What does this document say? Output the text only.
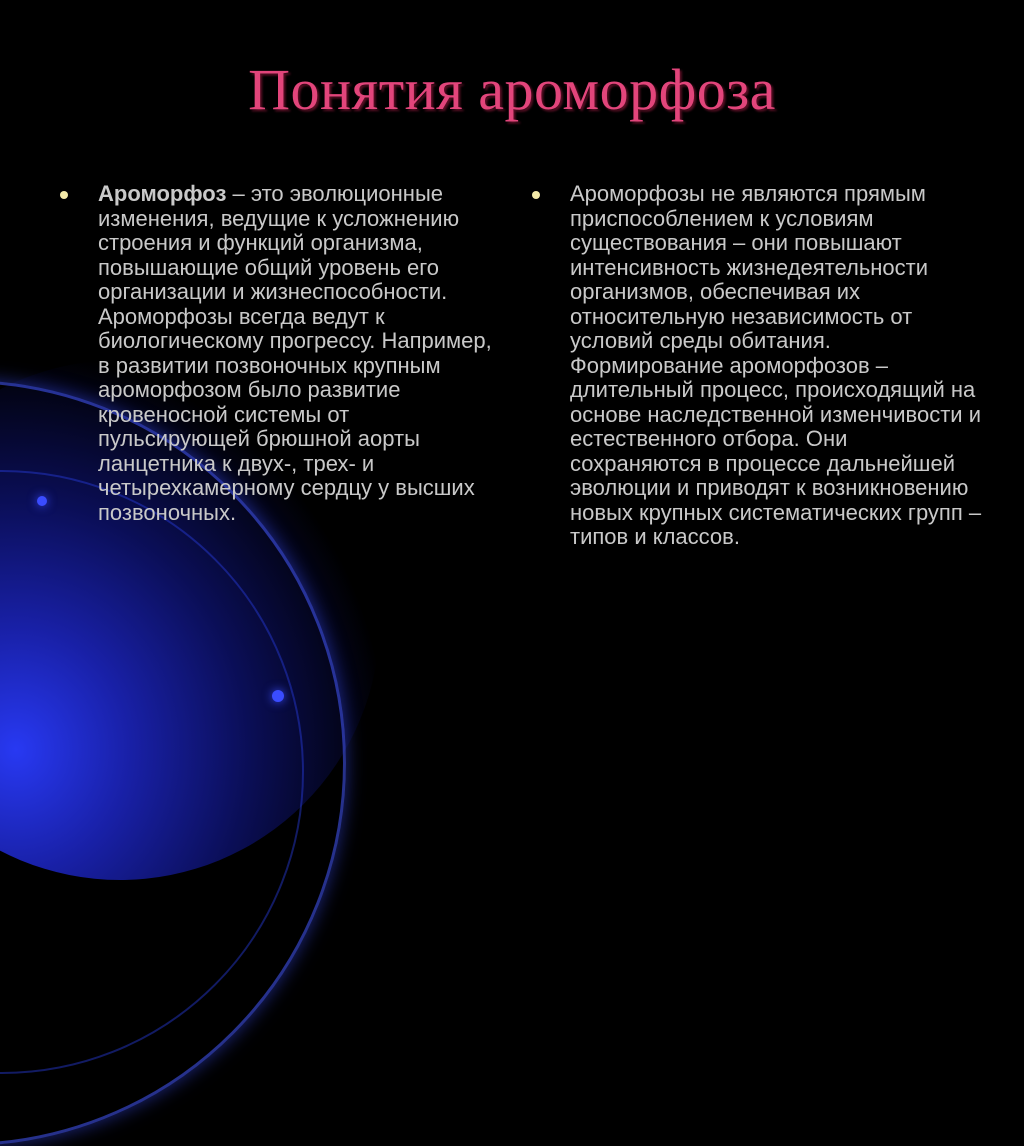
Понятия ароморфоза
Ароморфоз – это эволюционные изменения, ведущие к усложнению строения и функций организма, повышающие общий уровень его организации и жизнеспособности. Ароморфозы всегда ведут к биологическому прогрессу. Например, в развитии позвоночных крупным ароморфозом было развитие кровеносной системы от пульсирующей брюшной аорты ланцетника к двух-, трех- и четырехкамерному сердцу у высших позвоночных.
Ароморфозы не являются прямым приспособлением к условиям существования – они повышают интенсивность жизнедеятельности организмов, обеспечивая их относительную независимость от условий среды обитания. Формирование ароморфозов – длительный процесс, происходящий на основе наследственной изменчивости и естественного отбора. Они сохраняются в процессе дальнейшей эволюции и приводят к возникновению новых крупных систематических групп – типов и классов.
